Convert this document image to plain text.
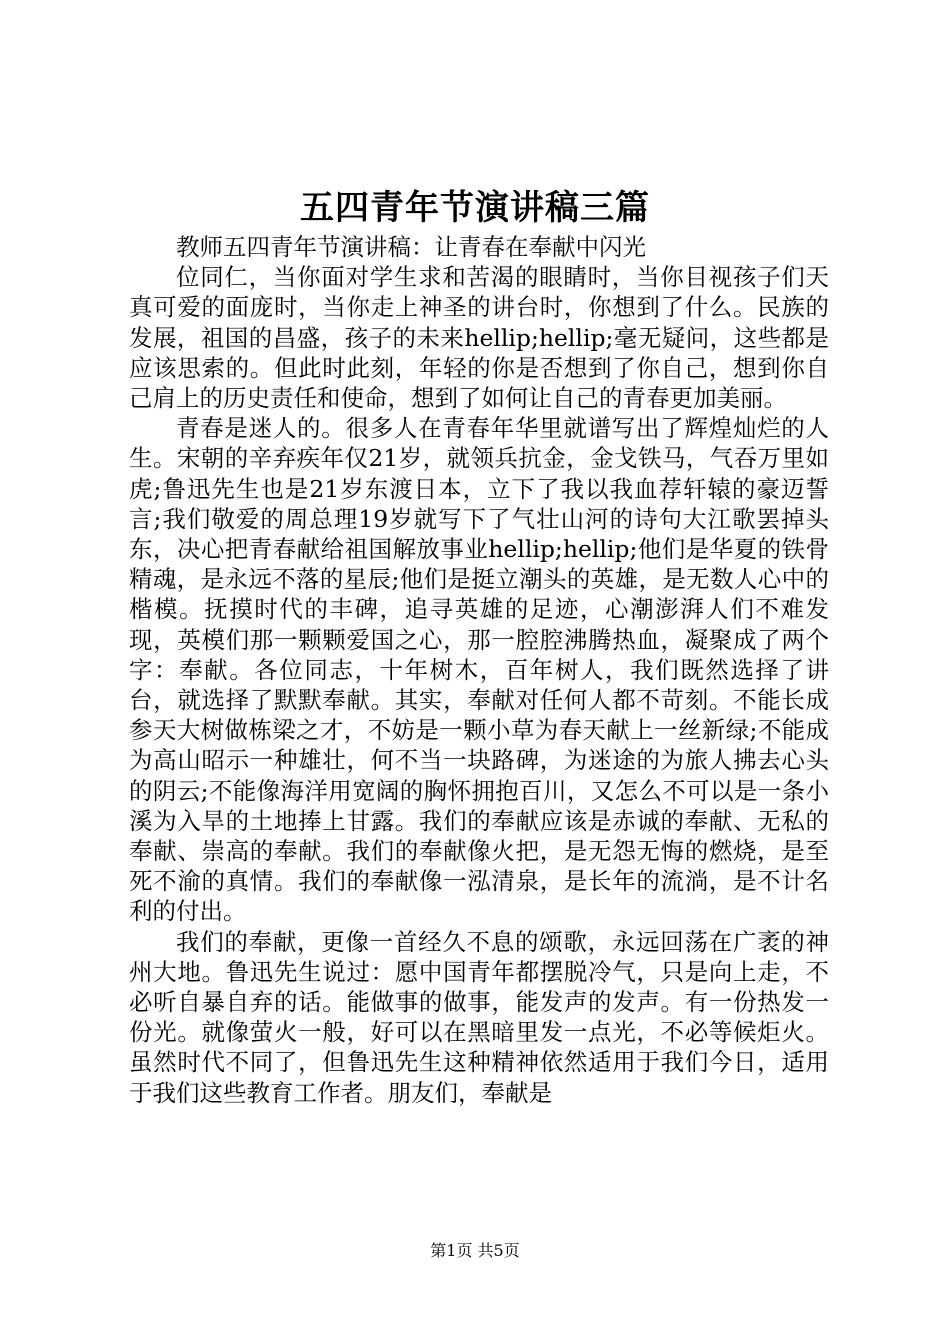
五四青年节演讲稿三篇

教师五四青年节演讲稿：让青春在奉献中闪光

位同仁，当你面对学生求和苦渴的眼睛时，当你目视孩子们天真可爱的面庞时，当你走上神圣的讲台时，你想到了什么。民族的发展，祖国的昌盛，孩子的未来hellip;hellip;毫无疑问，这些都是应该思索的。但此时此刻，年轻的你是否想到了你自己，想到你自己肩上的历史责任和使命，想到了如何让自己的青春更加美丽。

青春是迷人的。很多人在青春年华里就谱写出了辉煌灿烂的人生。宋朝的辛弃疾年仅21岁，就领兵抗金，金戈铁马，气吞万里如虎;鲁迅先生也是21岁东渡日本，立下了我以我血荐轩辕的豪迈誓言;我们敬爱的周总理19岁就写下了气壮山河的诗句大江歌罢掉头东，决心把青春献给祖国解放事业hellip;hellip;他们是华夏的铁骨精魂，是永远不落的星辰;他们是挺立潮头的英雄，是无数人心中的楷模。抚摸时代的丰碑，追寻英雄的足迹，心潮澎湃人们不难发现，英模们那一颗颗爱国之心，那一腔腔沸腾热血，凝聚成了两个字：奉献。各位同志，十年树木，百年树人，我们既然选择了讲台，就选择了默默奉献。其实，奉献对任何人都不苛刻。不能长成参天大树做栋梁之才，不妨是一颗小草为春天献上一丝新绿;不能成为高山昭示一种雄壮，何不当一块路碑，为迷途的为旅人拂去心头的阴云;不能像海洋用宽阔的胸怀拥抱百川，又怎么不可以是一条小溪为入旱的土地捧上甘露。我们的奉献应该是赤诚的奉献、无私的奉献、崇高的奉献。我们的奉献像火把，是无怨无悔的燃烧，是至死不渝的真情。我们的奉献像一泓清泉，是长年的流淌，是不计名利的付出。

我们的奉献，更像一首经久不息的颂歌，永远回荡在广袤的神州大地。鲁迅先生说过：愿中国青年都摆脱冷气，只是向上走，不必听自暴自弃的话。能做事的做事，能发声的发声。有一份热发一份光。就像萤火一般，好可以在黑暗里发一点光，不必等候炬火。虽然时代不同了，但鲁迅先生这种精神依然适用于我们今日，适用于我们这些教育工作者。朋友们，奉献是

第1页 共5页
